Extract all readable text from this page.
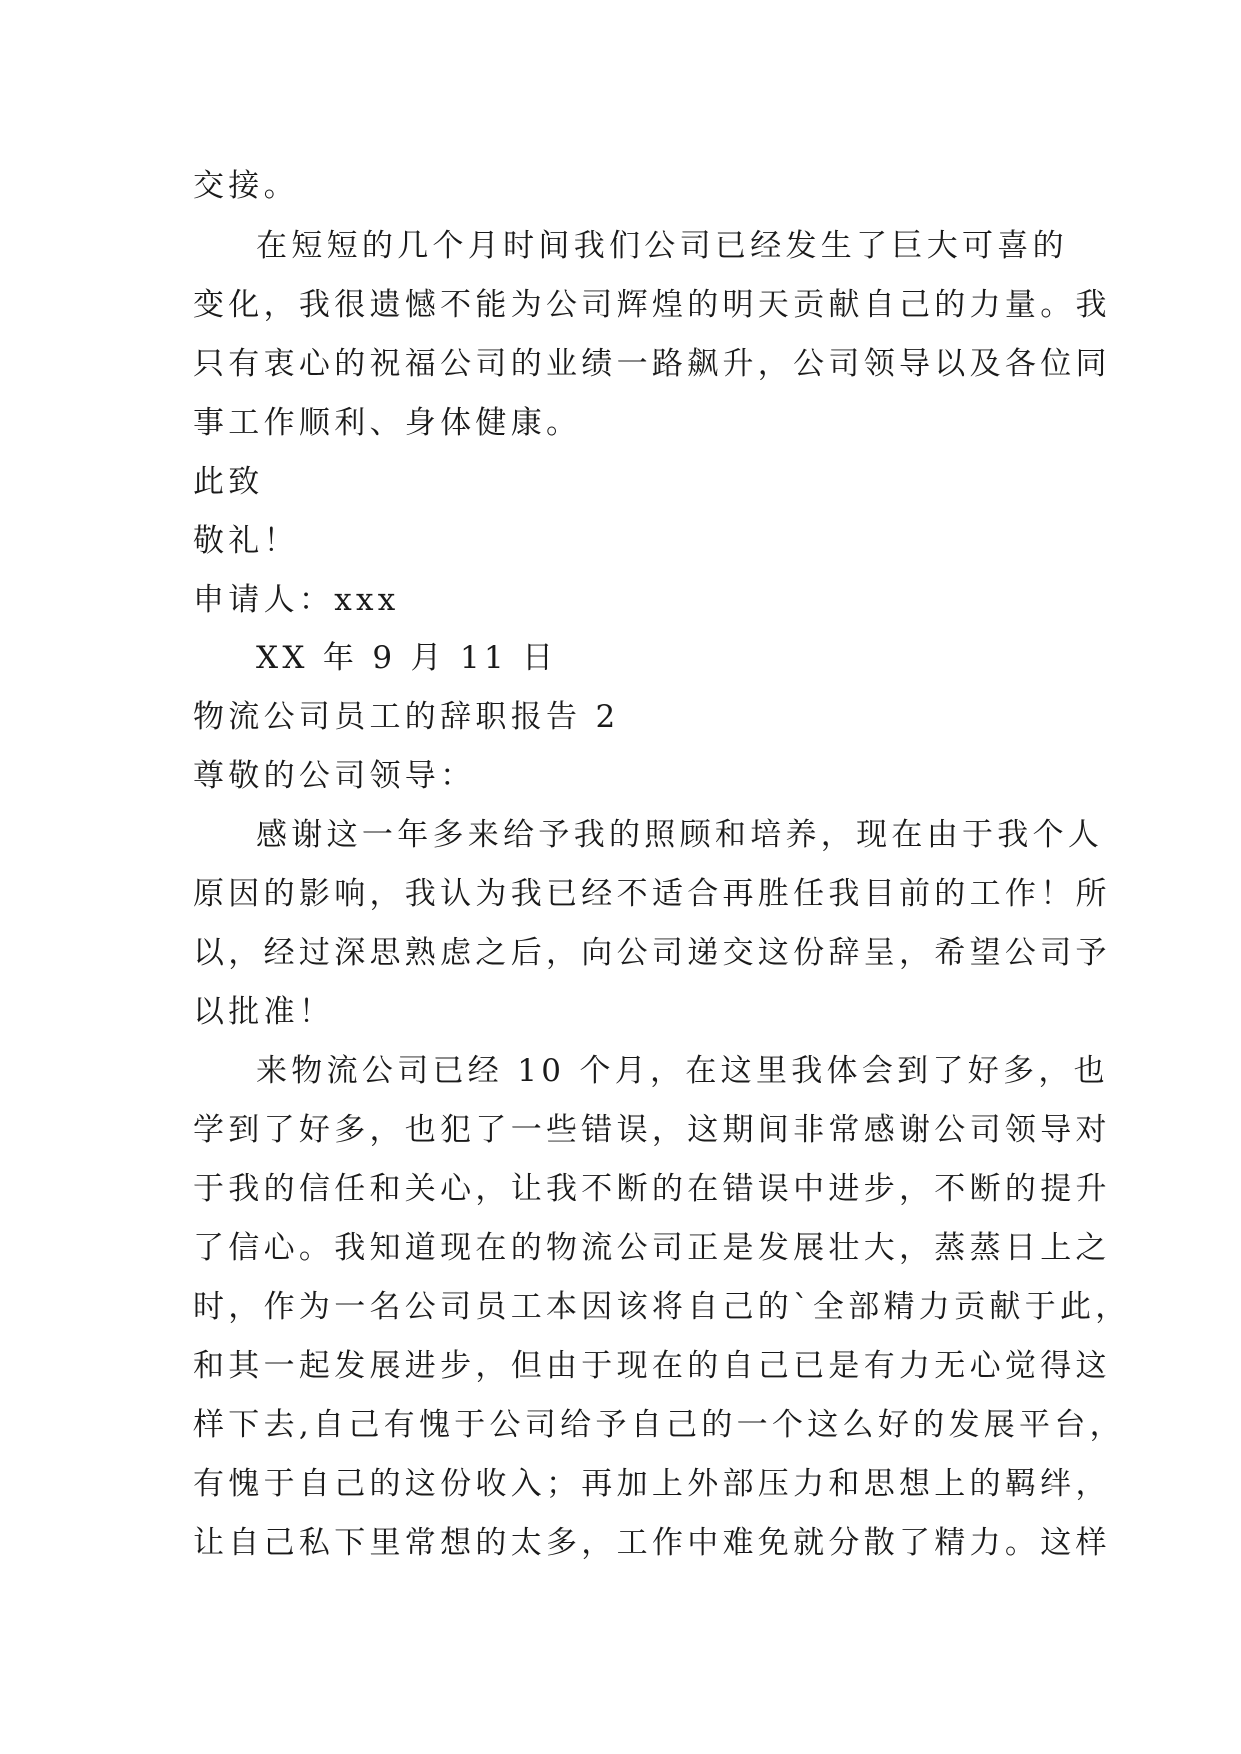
交接。
在短短的几个月时间我们公司已经发生了巨大可喜的
变化，我很遗憾不能为公司辉煌的明天贡献自己的力量。我
只有衷心的祝福公司的业绩一路飙升，公司领导以及各位同
事工作顺利、身体健康。
此致
敬礼！
申请人：xxx
XX 年 9 月 11 日
物流公司员工的辞职报告 2
尊敬的公司领导：
感谢这一年多来给予我的照顾和培养，现在由于我个人
原因的影响，我认为我已经不适合再胜任我目前的工作！所
以，经过深思熟虑之后，向公司递交这份辞呈，希望公司予
以批准！
来物流公司已经 10 个月，在这里我体会到了好多，也
学到了好多，也犯了一些错误，这期间非常感谢公司领导对
于我的信任和关心，让我不断的在错误中进步，不断的提升
了信心。我知道现在的物流公司正是发展壮大，蒸蒸日上之
时，作为一名公司员工本因该将自己的`全部精力贡献于此，
和其一起发展进步，但由于现在的自己已是有力无心觉得这
样下去,自己有愧于公司给予自己的一个这么好的发展平台，
有愧于自己的这份收入；再加上外部压力和思想上的羁绊，
让自己私下里常想的太多，工作中难免就分散了精力。这样
